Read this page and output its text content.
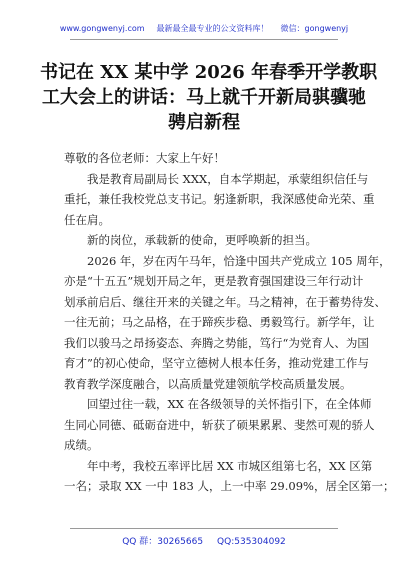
www.gongwenyj.com 最新最全最专业的公文资料库！ 微信：gongwenyj
书记在 XX 某中学 2026 年春季开学教职
工大会上的讲话：马上就千开新局骐骥驰
骋启新程
尊敬的各位老师：大家上午好！
　　我是教育局副局长 XXX，自本学期起，承蒙组织信任与
重托，兼任我校党总支书记。躬逢新职，我深感使命光荣、重
任在肩。
　　新的岗位，承载新的使命，更呼唤新的担当。
　　2026 年，岁在丙午马年，恰逢中国共产党成立 105 周年，
亦是“十五五”规划开局之年，更是教育强国建设三年行动计
划承前启后、继往开来的关键之年。马之精神，在于蓄势待发、
一往无前；马之品格，在于蹄疾步稳、勇毅笃行。新学年，让
我们以骏马之昂扬姿态、奔腾之势能，笃行“为党育人、为国
育才”的初心使命，坚守立德树人根本任务，推动党建工作与
教育教学深度融合，以高质量党建领航学校高质量发展。
　　回望过往一载，XX 在各级领导的关怀指引下，在全体师
生同心同德、砥砺奋进中，斩获了硕果累累、斐然可观的骄人
成绩。
　　年中考，我校五率评比居 XX 市城区组第七名，XX 区第
一名；录取 XX 一中 183 人，上一中率 29.09%，居全区第一；
QQ 群：30265665 QQ:535304092
